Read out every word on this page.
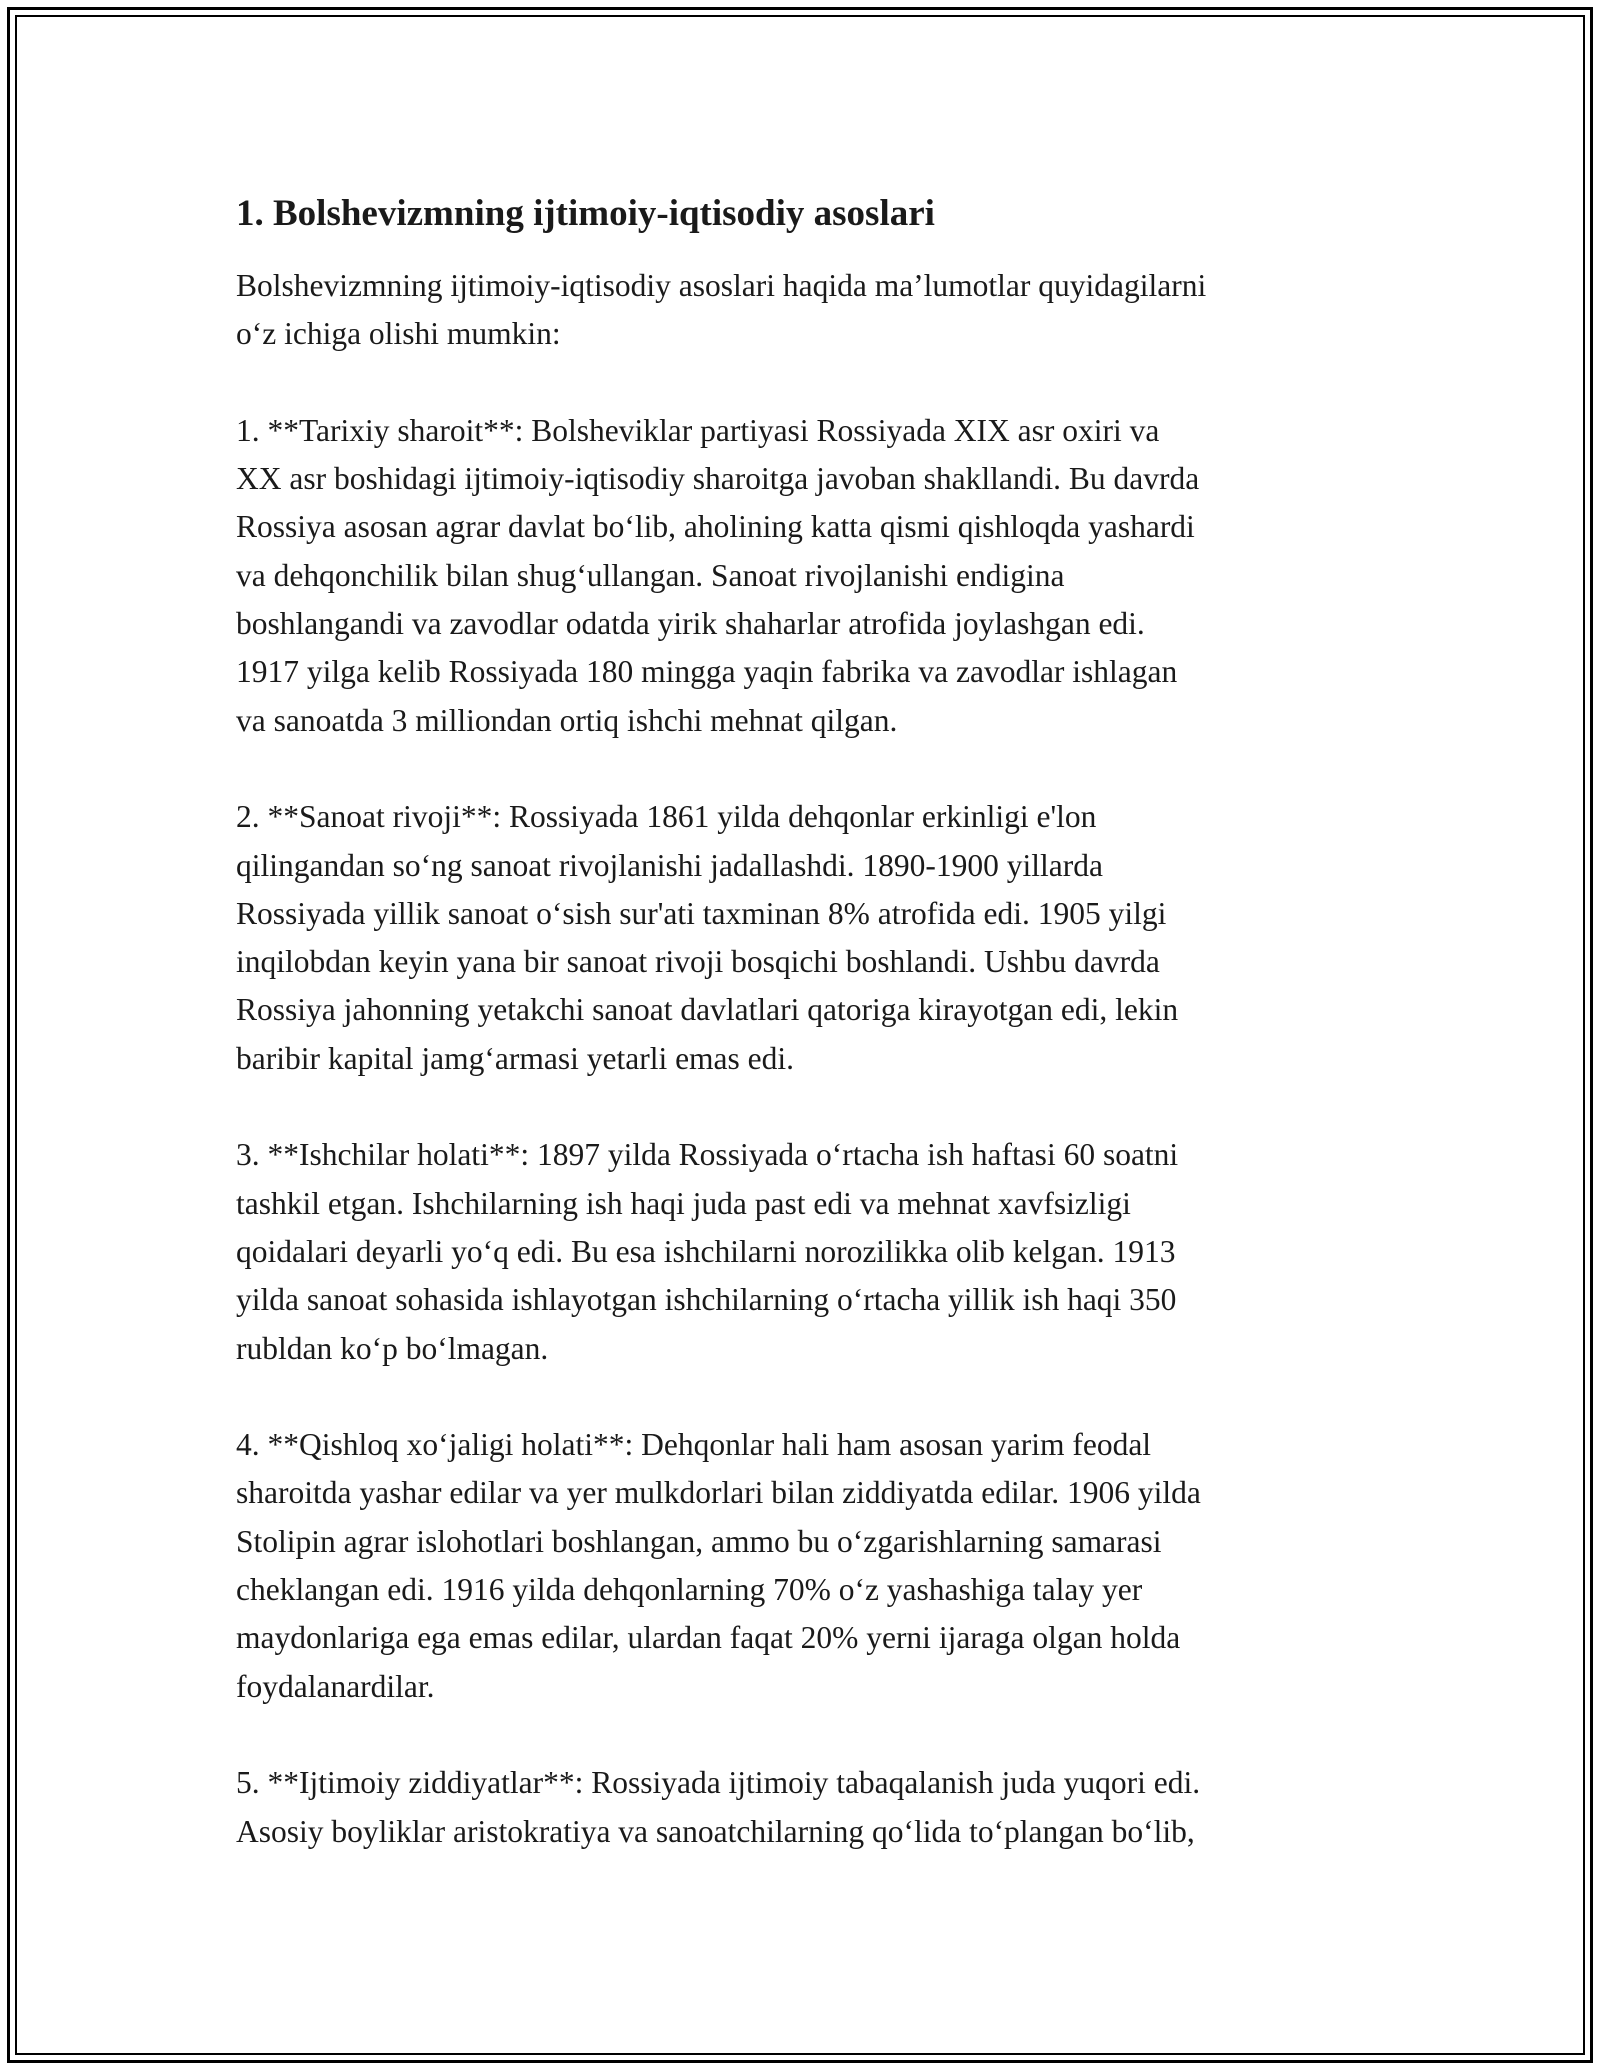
1. Bolshevizmning ijtimoiy-iqtisodiy asoslari

Bolshevizmning ijtimoiy-iqtisodiy asoslari haqida ma’lumotlar quyidagilarni
o‘z ichiga olishi mumkin:

1. **Tarixiy sharoit**: Bolsheviklar partiyasi Rossiyada XIX asr oxiri va
XX asr boshidagi ijtimoiy-iqtisodiy sharoitga javoban shakllandi. Bu davrda
Rossiya asosan agrar davlat bo‘lib, aholining katta qismi qishloqda yashardi
va dehqonchilik bilan shug‘ullangan. Sanoat rivojlanishi endigina
boshlangandi va zavodlar odatda yirik shaharlar atrofida joylashgan edi.
1917 yilga kelib Rossiyada 180 mingga yaqin fabrika va zavodlar ishlagan
va sanoatda 3 milliondan ortiq ishchi mehnat qilgan.

2. **Sanoat rivoji**: Rossiyada 1861 yilda dehqonlar erkinligi e'lon
qilingandan so‘ng sanoat rivojlanishi jadallashdi. 1890-1900 yillarda
Rossiyada yillik sanoat o‘sish sur'ati taxminan 8% atrofida edi. 1905 yilgi
inqilobdan keyin yana bir sanoat rivoji bosqichi boshlandi. Ushbu davrda
Rossiya jahonning yetakchi sanoat davlatlari qatoriga kirayotgan edi, lekin
baribir kapital jamg‘armasi yetarli emas edi.

3. **Ishchilar holati**: 1897 yilda Rossiyada o‘rtacha ish haftasi 60 soatni
tashkil etgan. Ishchilarning ish haqi juda past edi va mehnat xavfsizligi
qoidalari deyarli yo‘q edi. Bu esa ishchilarni norozilikka olib kelgan. 1913
yilda sanoat sohasida ishlayotgan ishchilarning o‘rtacha yillik ish haqi 350
rubldan ko‘p bo‘lmagan.

4. **Qishloq xo‘jaligi holati**: Dehqonlar hali ham asosan yarim feodal
sharoitda yashar edilar va yer mulkdorlari bilan ziddiyatda edilar. 1906 yilda
Stolipin agrar islohotlari boshlangan, ammo bu o‘zgarishlarning samarasi
cheklangan edi. 1916 yilda dehqonlarning 70% o‘z yashashiga talay yer
maydonlariga ega emas edilar, ulardan faqat 20% yerni ijaraga olgan holda
foydalanardilar.

5. **Ijtimoiy ziddiyatlar**: Rossiyada ijtimoiy tabaqalanish juda yuqori edi.
Asosiy boyliklar aristokratiya va sanoatchilarning qo‘lida to‘plangan bo‘lib,
